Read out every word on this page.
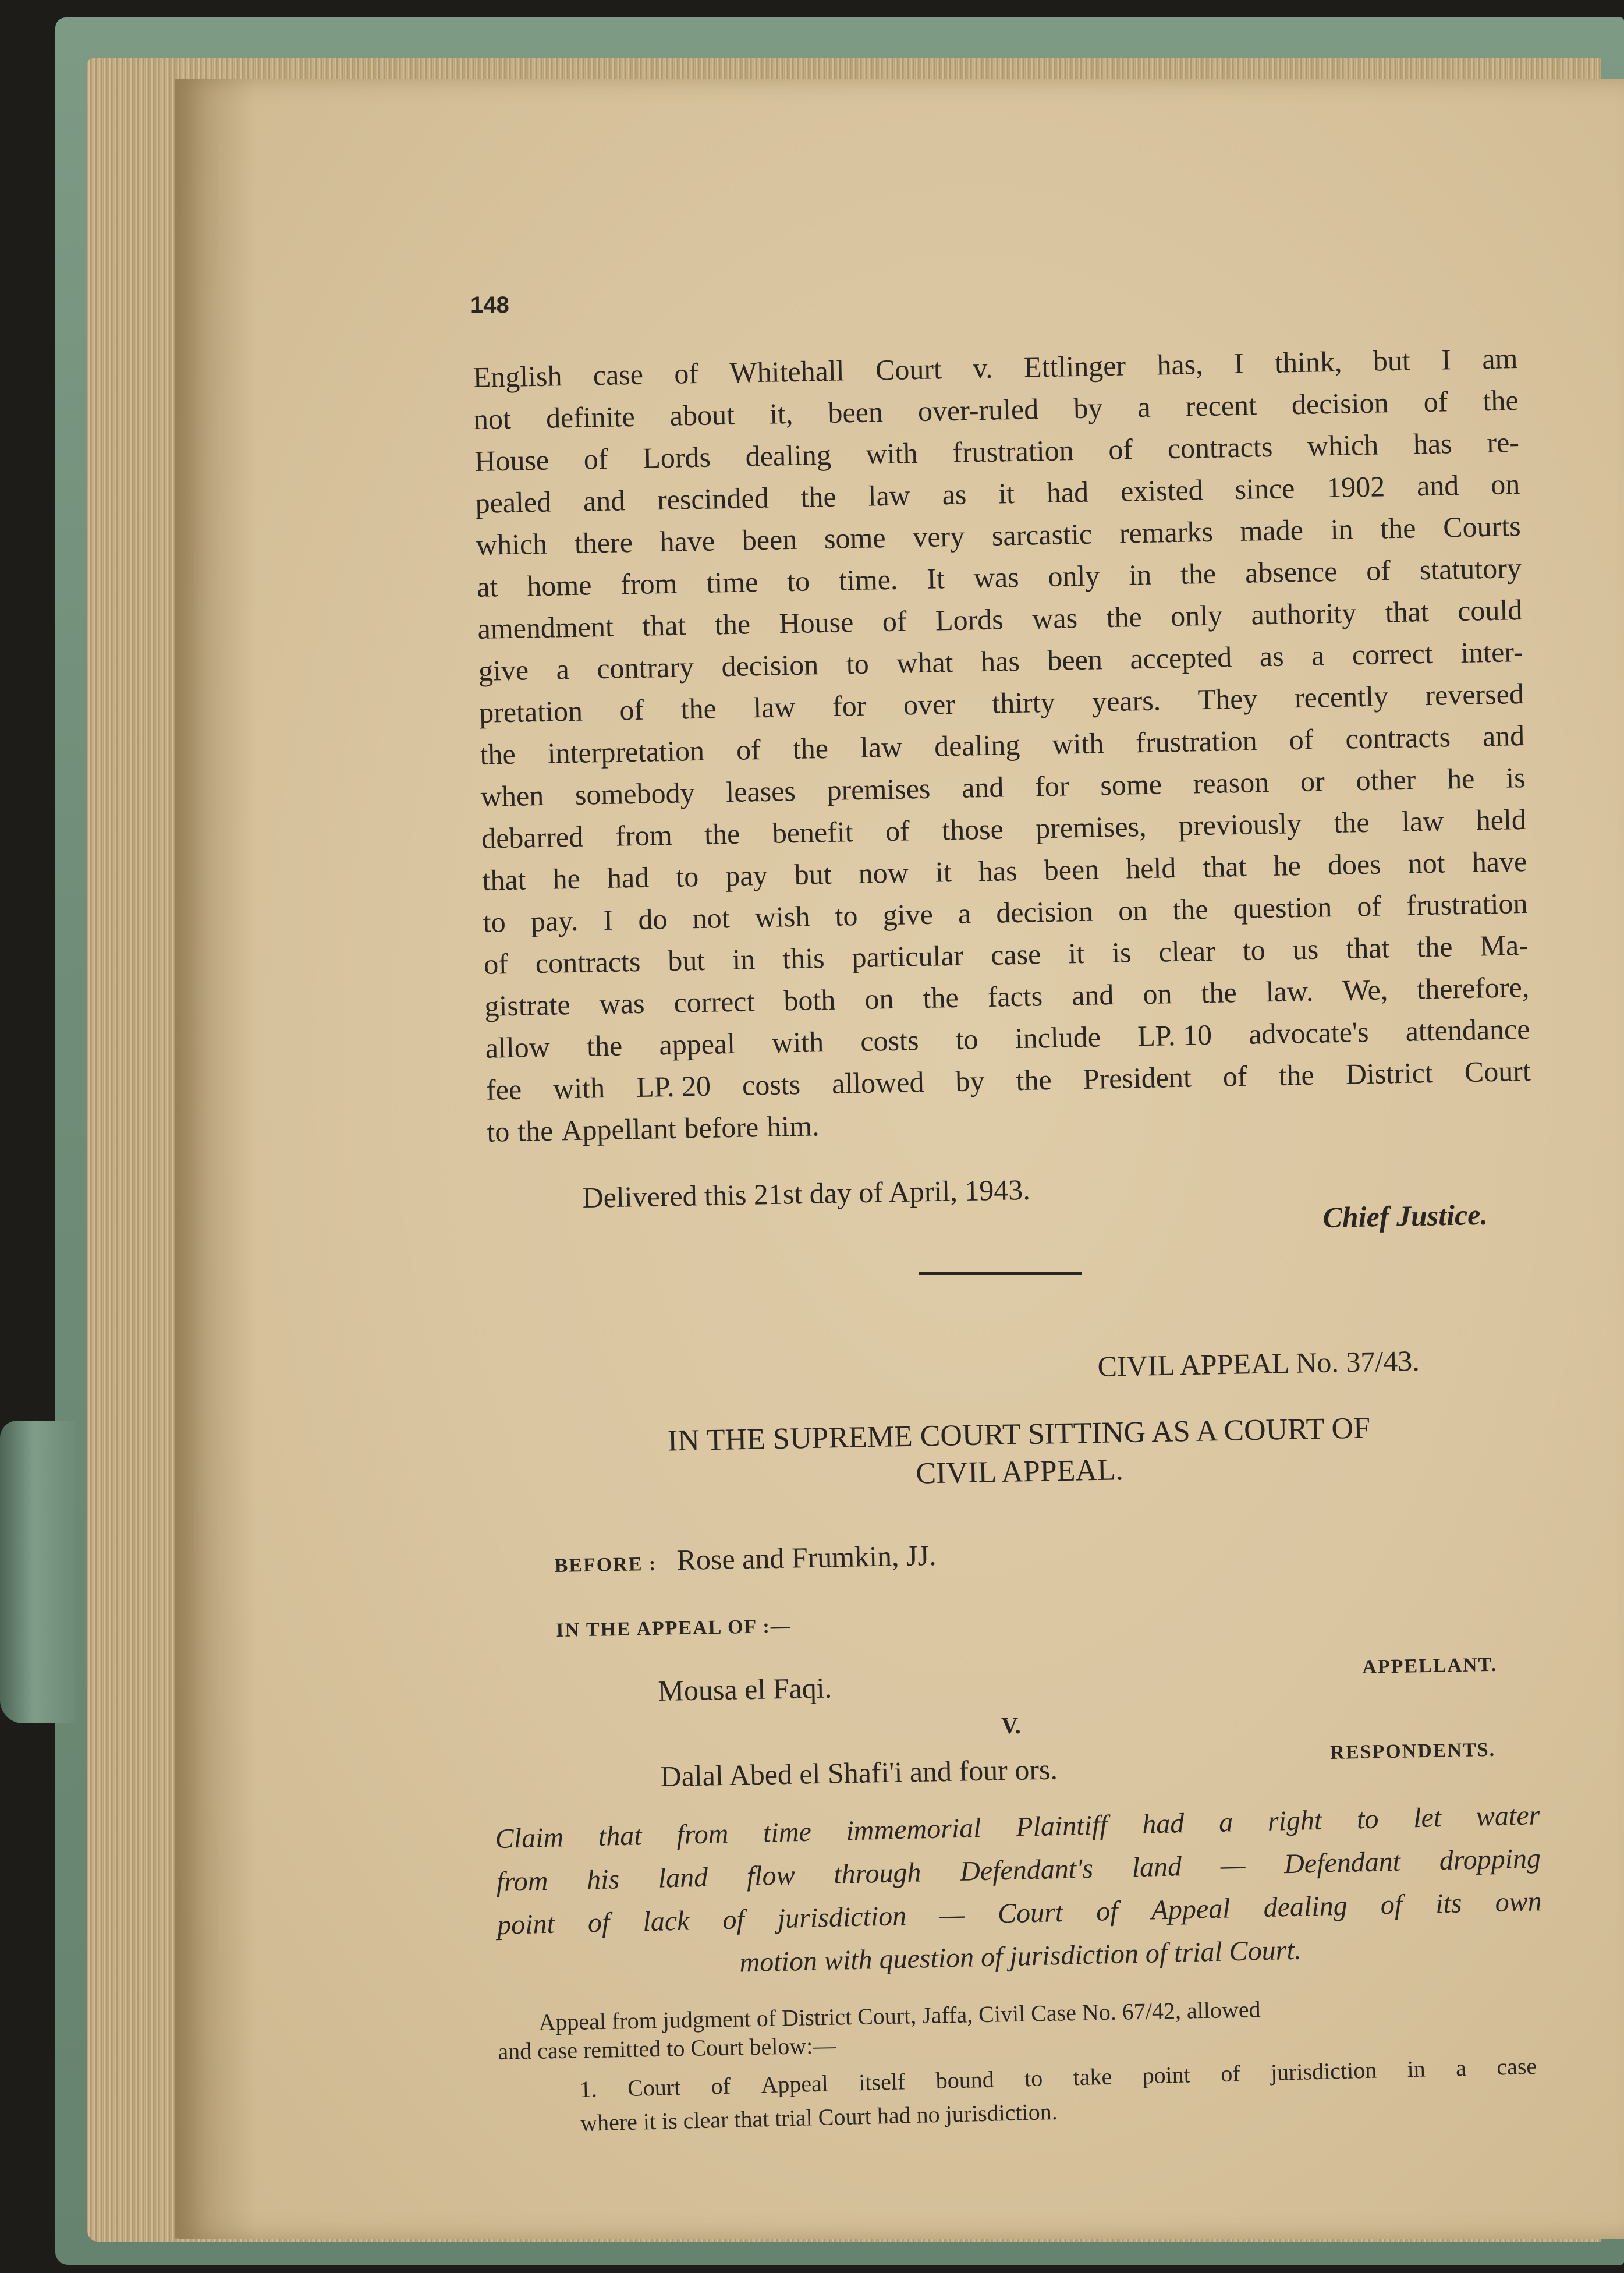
148
English case of Whitehall Court v. Ettlinger has, I think, but I am
not definite about it, been over-ruled by a recent decision of the
House of Lords dealing with frustration of contracts which has re-
pealed and rescinded the law as it had existed since 1902 and on
which there have been some very sarcastic remarks made in the Courts
at home from time to time. It was only in the absence of statutory
amendment that the House of Lords was the only authority that could
give a contrary decision to what has been accepted as a correct inter-
pretation of the law for over thirty years. They recently reversed
the interpretation of the law dealing with frustration of contracts and
when somebody leases premises and for some reason or other he is
debarred from the benefit of those premises, previously the law held
that he had to pay but now it has been held that he does not have
to pay. I do not wish to give a decision on the question of frustration
of contracts but in this particular case it is clear to us that the Ma-
gistrate was correct both on the facts and on the law. We, therefore,
allow the appeal with costs to include LP. 10 advocate's attendance
fee with LP. 20 costs allowed by the President of the District Court
to the Appellant before him.
Delivered this 21st day of April, 1943.
Chief Justice.
CIVIL APPEAL No. 37/43.
IN THE SUPREME COURT SITTING AS A COURT OF
CIVIL APPEAL.
BEFORE : Rose and Frumkin, JJ.
IN THE APPEAL OF :—
Mousa el Faqi.
APPELLANT.
V.
Dalal Abed el Shafi'i and four ors.
RESPONDENTS.
Claim that from time immemorial Plaintiff had a right to let water
from his land flow through Defendant's land — Defendant dropping
point of lack of jurisdiction — Court of Appeal dealing of its own
motion with question of jurisdiction of trial Court.
Appeal from judgment of District Court, Jaffa, Civil Case No. 67/42, allowed
and case remitted to Court below:—
1. Court of Appeal itself bound to take point of jurisdiction in a case
where it is clear that trial Court had no jurisdiction.
